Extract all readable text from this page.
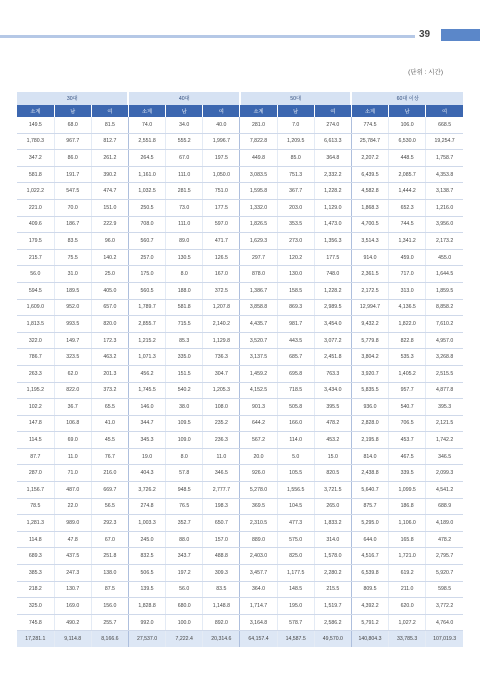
39
(단위 : 시간)
30대			40대			50대			60대 이상		
소계	남	여	소계	남	여	소계	남	여	소계	남	여
149.5	68.0	81.5	74.0	34.0	40.0	281.0	7.0	274.0	774.5	106.0	668.5
1,780.3	967.7	812.7	2,551.8	555.2	1,996.7	7,822.8	1,209.5	6,613.3	25,784.7	6,530.0	19,254.7
347.2	86.0	261.2	264.5	67.0	197.5	449.8	85.0	364.8	2,207.2	448.5	1,758.7
581.8	191.7	390.2	1,161.0	111.0	1,050.0	3,083.5	751.3	2,332.2	6,439.5	2,085.7	4,353.8
1,022.2	547.5	474.7	1,032.5	281.5	751.0	1,595.8	367.7	1,228.2	4,582.8	1,444.2	3,138.7
221.0	70.0	151.0	250.5	73.0	177.5	1,332.0	203.0	1,129.0	1,868.3	652.3	1,216.0
409.6	186.7	222.9	708.0	111.0	597.0	1,826.5	353.5	1,473.0	4,700.5	744.5	3,956.0
179.5	83.5	96.0	560.7	89.0	471.7	1,629.3	273.0	1,356.3	3,514.3	1,341.2	2,173.2
215.7	75.5	140.2	257.0	130.5	126.5	297.7	120.2	177.5	914.0	459.0	455.0
56.0	31.0	25.0	175.0	8.0	167.0	878.0	130.0	748.0	2,361.5	717.0	1,644.5
594.5	189.5	405.0	560.5	188.0	372.5	1,386.7	158.5	1,228.2	2,172.5	313.0	1,859.5
1,609.0	952.0	657.0	1,789.7	581.8	1,207.8	3,858.8	869.3	2,989.5	12,994.7	4,136.5	8,858.2
1,813.5	993.5	820.0	2,855.7	715.5	2,140.2	4,435.7	981.7	3,454.0	9,432.2	1,822.0	7,610.2
322.0	149.7	172.3	1,215.2	85.3	1,129.8	3,520.7	443.5	3,077.2	5,779.8	822.8	4,957.0
786.7	323.5	463.2	1,071.3	335.0	736.3	3,137.5	685.7	2,451.8	3,804.2	535.3	3,268.8
263.3	62.0	201.3	456.2	151.5	304.7	1,459.2	695.8	763.3	3,920.7	1,405.2	2,515.5
1,195.2	822.0	373.2	1,745.5	540.2	1,205.3	4,152.5	718.5	3,434.0	5,835.5	957.7	4,877.8
102.2	36.7	65.5	146.0	38.0	108.0	901.3	505.8	395.5	936.0	540.7	395.3
147.8	106.8	41.0	344.7	109.5	235.2	644.2	166.0	478.2	2,828.0	706.5	2,121.5
114.5	69.0	45.5	345.3	109.0	236.3	567.2	114.0	453.2	2,195.8	453.7	1,742.2
87.7	11.0	76.7	19.0	8.0	11.0	20.0	5.0	15.0	814.0	467.5	346.5
287.0	71.0	216.0	404.3	57.8	346.5	926.0	105.5	820.5	2,438.8	339.5	2,099.3
1,156.7	487.0	669.7	3,726.2	948.5	2,777.7	5,278.0	1,556.5	3,721.5	5,640.7	1,099.5	4,541.2
78.5	22.0	56.5	274.8	76.5	198.3	369.5	104.5	265.0	875.7	186.8	688.9
1,281.3	989.0	292.3	1,003.3	352.7	650.7	2,310.5	477.3	1,833.2	5,295.0	1,106.0	4,189.0
114.8	47.8	67.0	245.0	88.0	157.0	889.0	575.0	314.0	644.0	165.8	478.2
689.3	437.5	251.8	832.5	343.7	488.8	2,403.0	825.0	1,578.0	4,516.7	1,721.0	2,795.7
385.3	247.3	138.0	506.5	197.2	309.3	3,457.7	1,177.5	2,280.2	6,539.8	619.2	5,920.7
218.2	130.7	87.5	139.5	56.0	83.5	364.0	148.5	215.5	809.5	211.0	598.5
325.0	169.0	156.0	1,828.8	680.0	1,148.8	1,714.7	195.0	1,519.7	4,392.2	620.0	3,772.2
745.8	490.2	255.7	992.0	100.0	892.0	3,164.8	578.7	2,586.2	5,791.2	1,027.2	4,764.0
17,281.1	9,114.8	8,166.6	27,537.0	7,222.4	20,314.6	64,157.4	14,587.5	49,570.0	140,804.3	33,785.3	107,019.3
